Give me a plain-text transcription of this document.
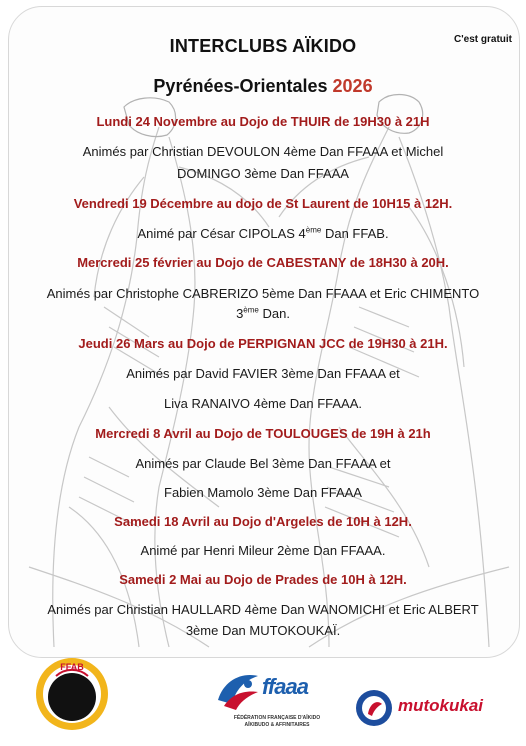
C'est gratuit
INTERCLUBS AÏKIDO
Pyrénées-Orientales 2026
Lundi 24 Novembre au Dojo de THUIR de 19H30 à 21H
Animés par Christian DEVOULON 4ème Dan FFAAA et Michel
DOMINGO 3ème Dan FFAAA
Vendredi 19 Décembre au dojo de St Laurent de 10H15 à 12H.
Animé par César CIPOLAS 4ème Dan FFAB.
Mercredi 25 février au Dojo de CABESTANY de 18H30 à 20H.
Animés par Christophe CABRERIZO 5ème Dan FFAAA et Eric CHIMENTO
3ème Dan.
Jeudi 26 Mars au Dojo de PERPIGNAN JCC de 19H30 à 21H.
Animés par David FAVIER 3ème Dan FFAAA et
Liva RANAIVO 4ème Dan FFAAA.
Mercredi 8 Avril au Dojo de TOULOUGES de 19H à 21h
Animés par Claude Bel 3ème Dan FFAAA et
Fabien Mamolo 3ème Dan FFAAA
Samedi 18 Avril au Dojo d'Argeles de 10H à 12H.
Animé par Henri Mileur 2ème Dan FFAAA.
Samedi 2 Mai au Dojo de Prades de 10H à 12H.
Animés par Christian HAULLARD 4ème Dan WANOMICHI et Eric ALBERT
3ème Dan MUTOKOUKAÏ.
FFAB
ffaaa
FÉDÉRATION FRANÇAISE D'AÏKIDO
AÏKIBUDO & AFFINITAIRES
mutokukai
